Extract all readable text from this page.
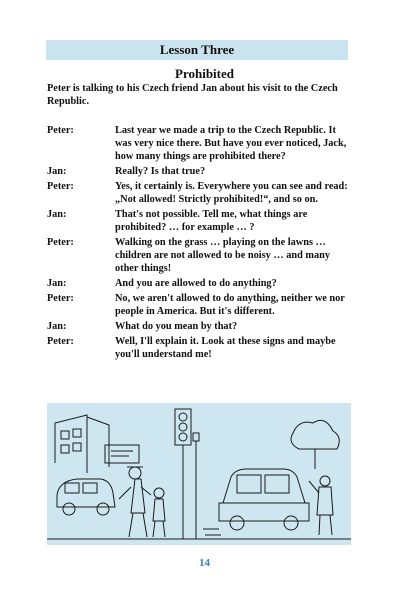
Lesson Three
Prohibited
Peter is talking to his Czech friend Jan about his visit to the Czech Republic.
Peter:	Last year we made a trip to the Czech Republic. It was very nice there. But have you ever noticed, Jack, how many things are prohibited there?
Jan:	Really? Is that true?
Peter:	Yes, it certainly is. Everywhere you can see and read: „Not allowed! Strictly prohibited!“, and so on.
Jan:	That's not possible. Tell me, what things are prohibited? … for example … ?
Peter:	Walking on the grass … playing on the lawns … children are not allowed to be noisy … and many other things!
Jan:	And you are allowed to do anything?
Peter:	No, we aren't allowed to do anything, neither we nor people in America. But it's different.
Jan:	What do you mean by that?
Peter:	Well, I'll explain it. Look at these signs and maybe you'll understand me!
14
